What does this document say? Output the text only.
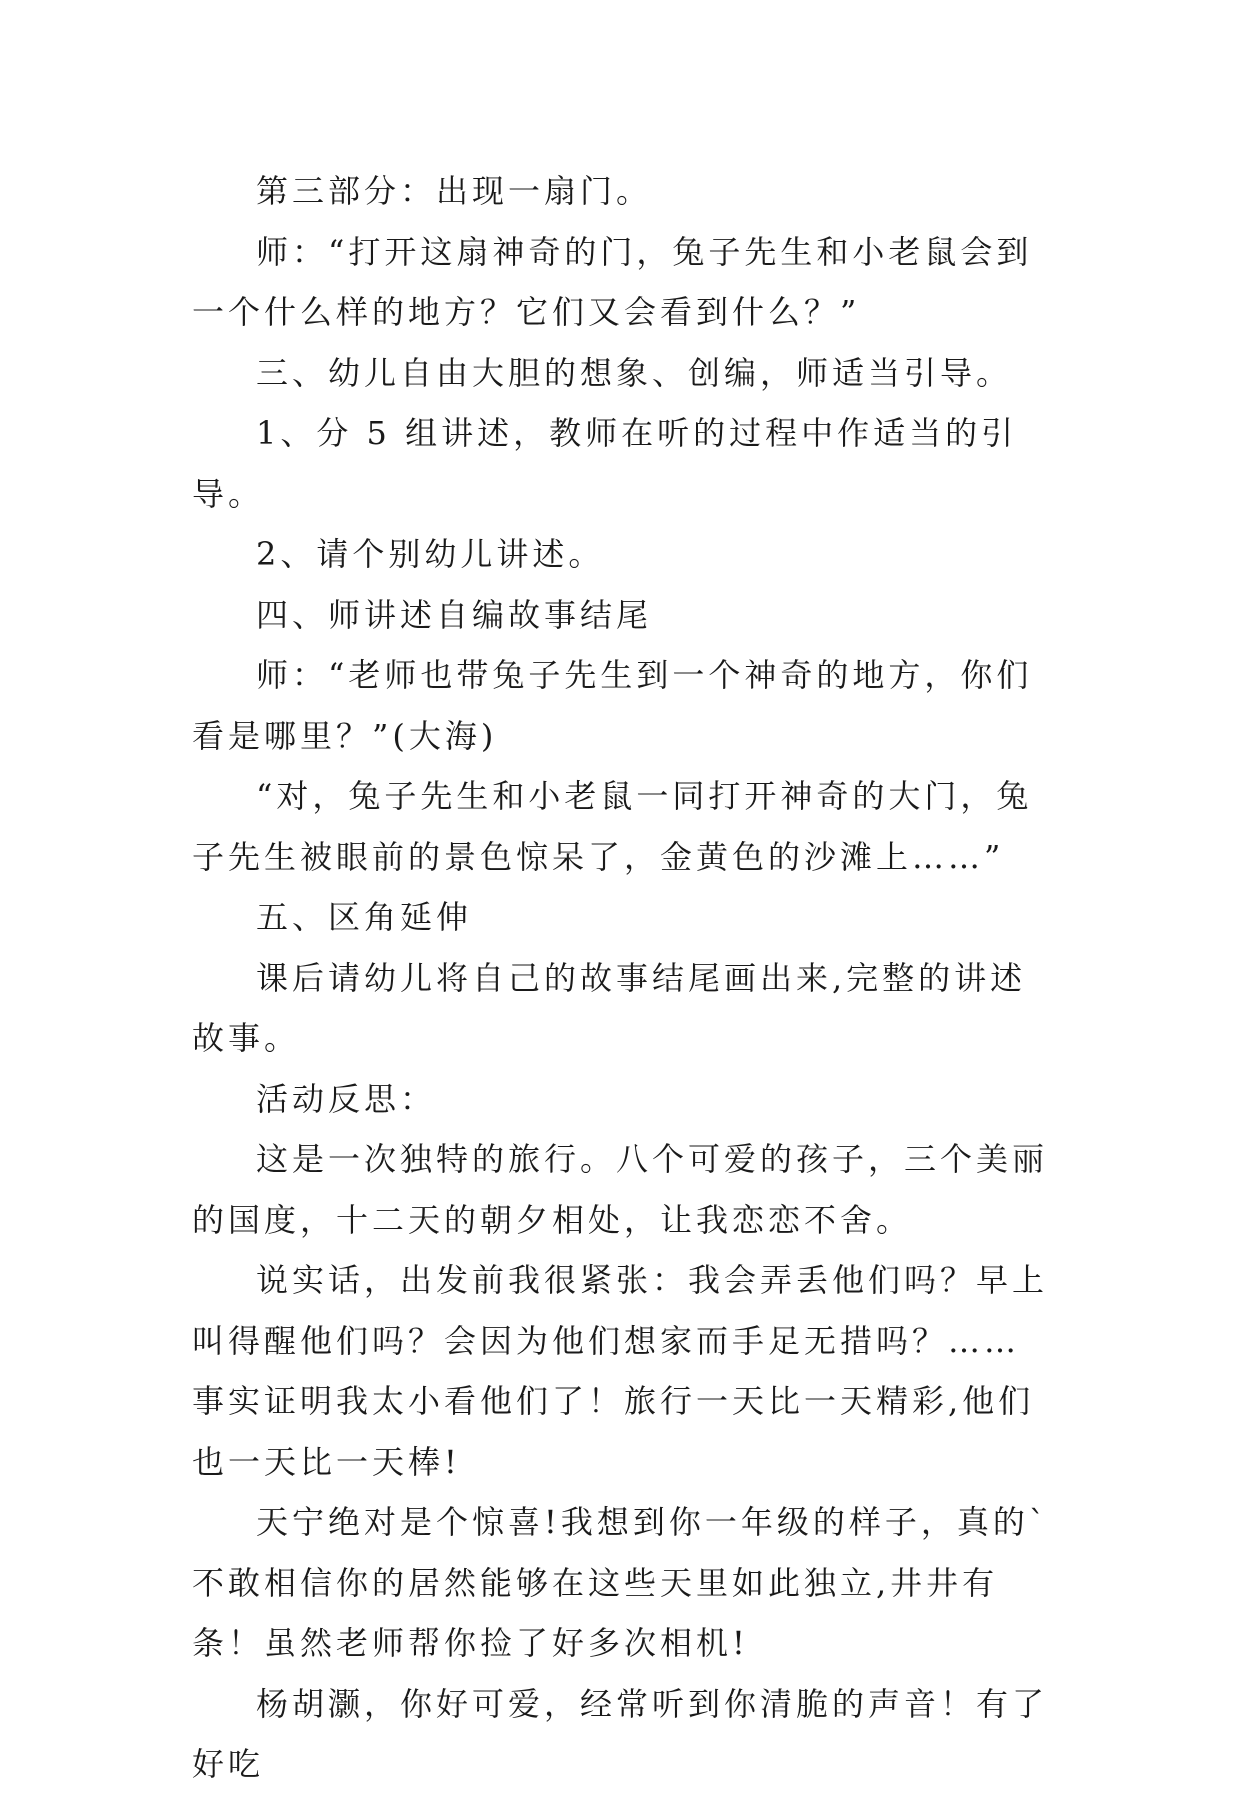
第三部分：出现一扇门。

师：“打开这扇神奇的门，兔子先生和小老鼠会到一个什么样的地方？它们又会看到什么？”

三、幼儿自由大胆的想象、创编，师适当引导。

1、分 5 组讲述，教师在听的过程中作适当的引导。

2、请个别幼儿讲述。

四、师讲述自编故事结尾

师：“老师也带兔子先生到一个神奇的地方，你们看是哪里？”(大海)

“对，兔子先生和小老鼠一同打开神奇的大门，兔子先生被眼前的景色惊呆了，金黄色的沙滩上……”

五、区角延伸

课后请幼儿将自己的故事结尾画出来,完整的讲述故事。

活动反思：

这是一次独特的旅行。八个可爱的孩子，三个美丽的国度，十二天的朝夕相处，让我恋恋不舍。

说实话，出发前我很紧张：我会弄丢他们吗？早上叫得醒他们吗？会因为他们想家而手足无措吗？…… 事实证明我太小看他们了！旅行一天比一天精彩,他们也一天比一天棒!

天宁绝对是个惊喜!我想到你一年级的样子，真的`不敢相信你的居然能够在这些天里如此独立,井井有条！虽然老师帮你捡了好多次相机!

杨胡灏，你好可爱，经常听到你清脆的声音！有了好吃
